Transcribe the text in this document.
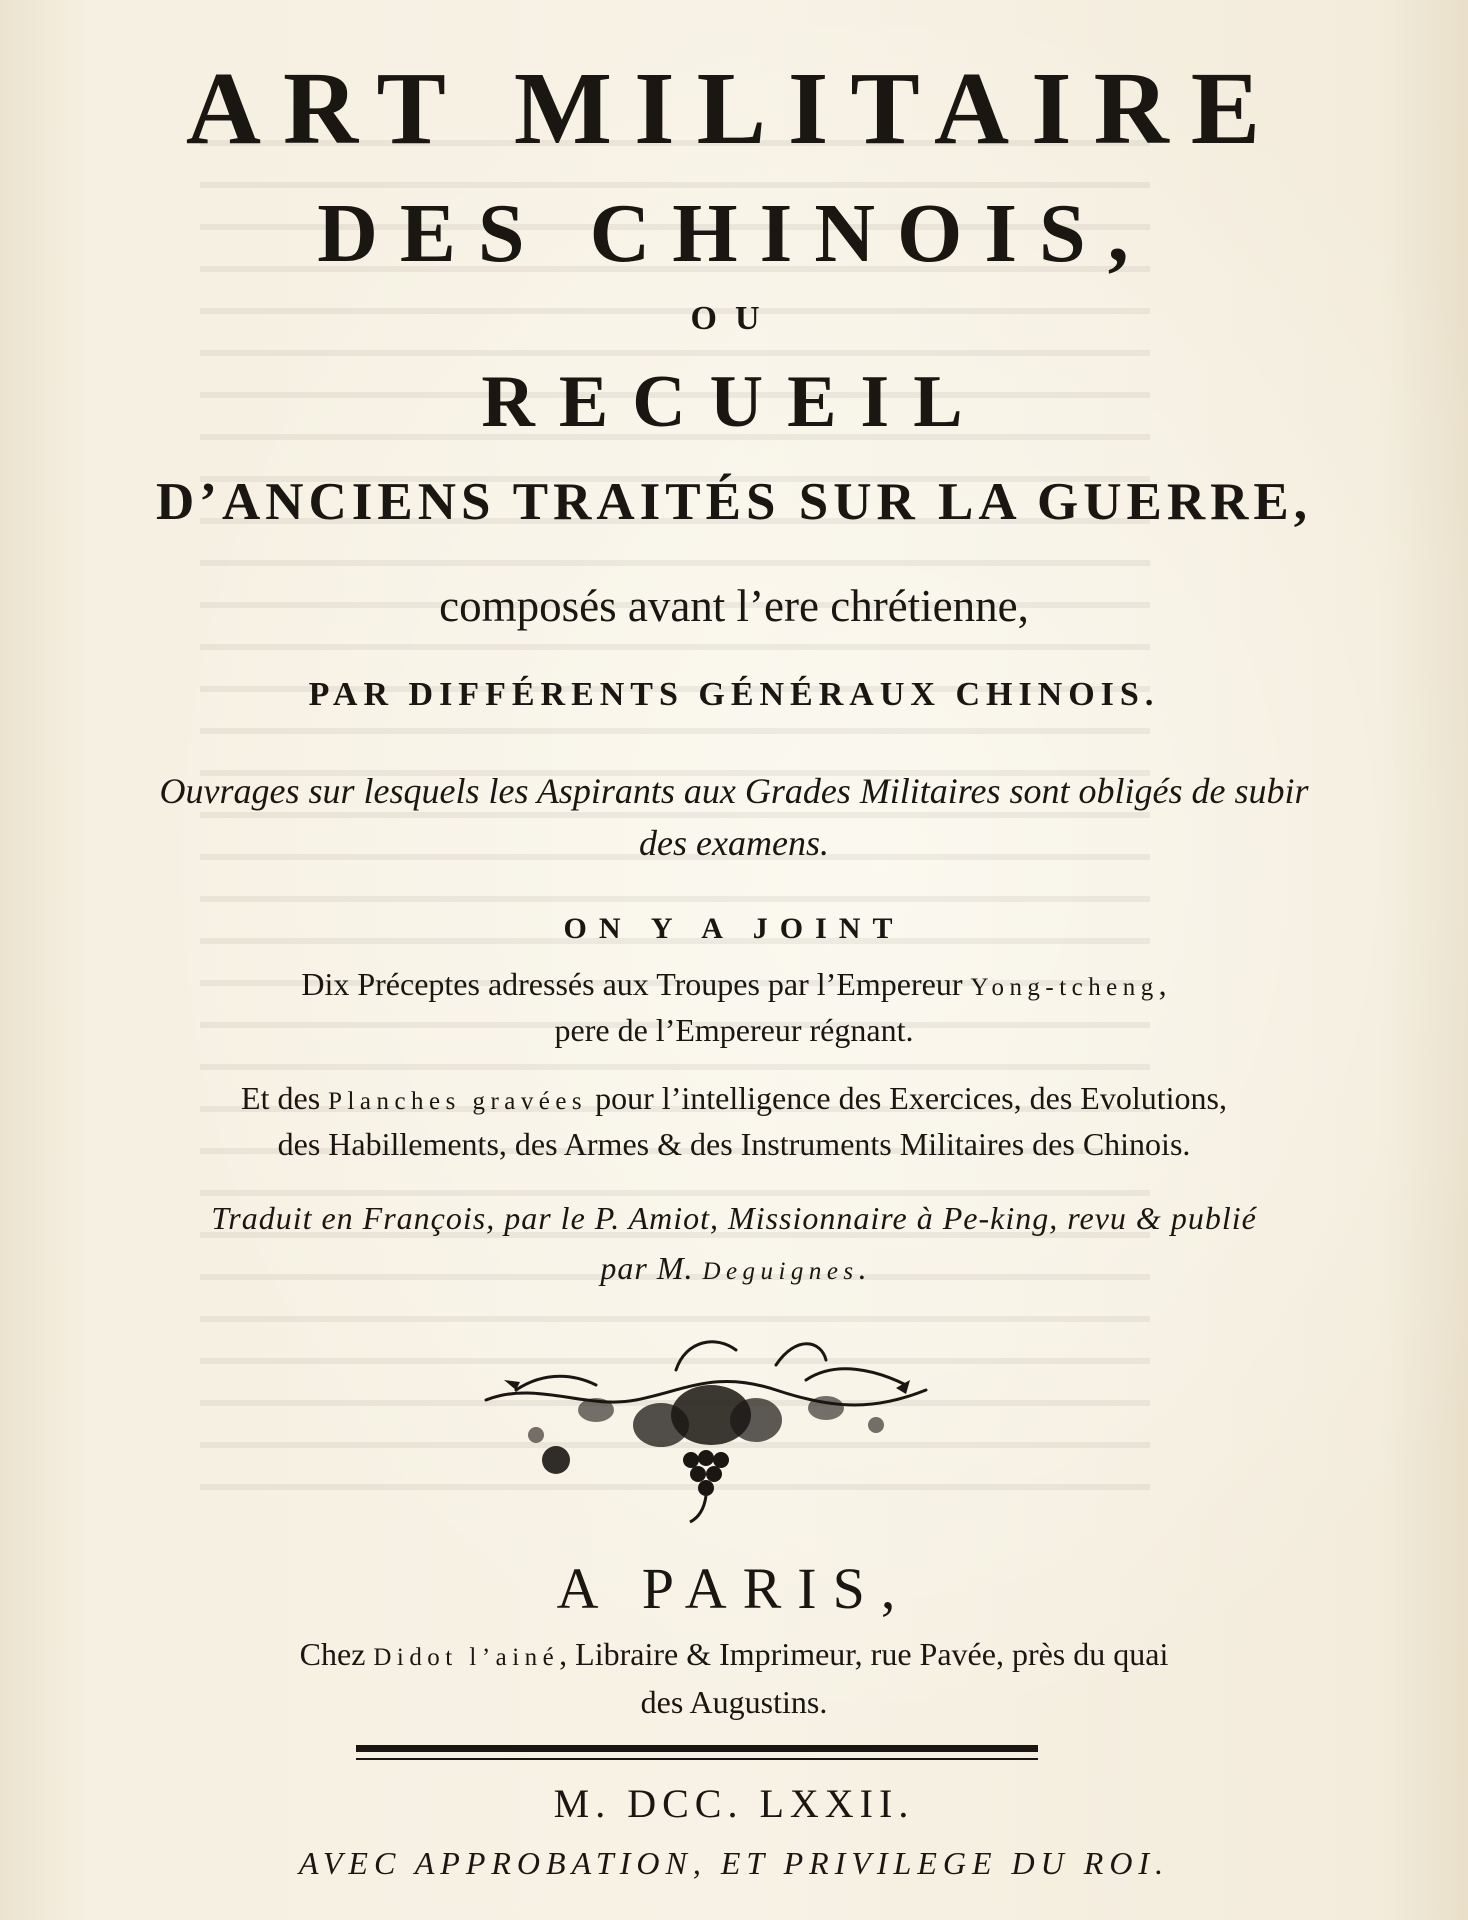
ART MILITAIRE
DES CHINOIS,
OU
RECUEIL
D’ANCIENS TRAITÉS SUR LA GUERRE,
composés avant l’ere chrétienne,
PAR DIFFÉRENTS GÉNÉRAUX CHINOIS.
Ouvrages sur lesquels les Aspirants aux Grades Militaires sont obligés de subir
des examens.
ON Y A JOINT
Dix Préceptes adressés aux Troupes par l’Empereur Yong-tcheng,
pere de l’Empereur régnant.
Et des Planches gravées pour l’intelligence des Exercices, des Evolutions,
des Habillements, des Armes & des Instruments Militaires des Chinois.
Traduit en François, par le P. Amiot, Missionnaire à Pe-king, revu & publié
par M. Deguignes.
A PARIS,
Chez Didot l’ainé, Libraire & Imprimeur, rue Pavée, près du quai
des Augustins.
M. DCC. LXXII.
AVEC APPROBATION, ET PRIVILEGE DU ROI.
